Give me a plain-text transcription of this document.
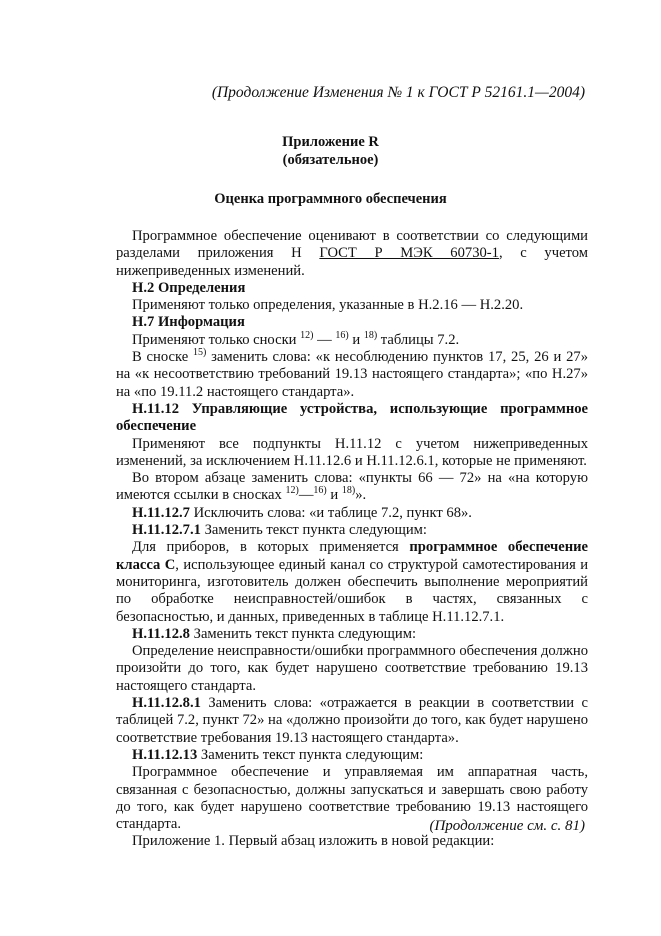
(Продолжение Изменения № 1 к ГОСТ Р 52161.1—2004)
Приложение R
(обязательное)
Оценка программного обеспечения

Программное обеспечение оценивают в соответствии со следующими разделами приложения Н ГОСТ Р МЭК 60730-1, с учетом нижеприведенных изменений.

Н.2 Определения

Применяют только определения, указанные в Н.2.16 — Н.2.20.

Н.7 Информация

Применяют только сноски $^{12)}$ — $^{16)}$ и $^{18)}$ таблицы 7.2.

В сноске $^{15)}$ заменить слова: «к несоблюдению пунктов 17, 25, 26 и 27» на «к несоответствию требований 19.13 настоящего стандарта»; «по Н.27» на «по 19.11.2 настоящего стандарта».

Н.11.12 Управляющие устройства, использующие программное обеспечение

Применяют все подпункты Н.11.12 с учетом нижеприведенных изменений, за исключением Н.11.12.6 и Н.11.12.6.1, которые не применяют.

Во втором абзаце заменить слова: «пункты 66 — 72» на «на которую имеются ссылки в сносках $^{12)}$—$^{16)}$ и $^{18)}$».

Н.11.12.7 Исключить слова: «и таблице 7.2, пункт 68».

Н.11.12.7.1 Заменить текст пункта следующим:

Для приборов, в которых применяется программное обеспечение класса С, использующее единый канал со структурой самотестирования и мониторинга, изготовитель должен обеспечить выполнение мероприятий по обработке неисправностей/ошибок в частях, связанных с безопасностью, и данных, приведенных в таблице Н.11.12.7.1.

Н.11.12.8 Заменить текст пункта следующим:

Определение неисправности/ошибки программного обеспечения должно произойти до того, как будет нарушено соответствие требованию 19.13 настоящего стандарта.

Н.11.12.8.1 Заменить слова: «отражается в реакции в соответствии с таблицей 7.2, пункт 72» на «должно произойти до того, как будет нарушено соответствие требования 19.13 настоящего стандарта».

Н.11.12.13 Заменить текст пункта следующим:

Программное обеспечение и управляемая им аппаратная часть, связанная с безопасностью, должны запускаться и завершать свою работу до того, как будет нарушено соответствие требованию 19.13 настоящего стандарта.

Приложение 1. Первый абзац изложить в новой редакции:

(Продолжение см. с. 81)
